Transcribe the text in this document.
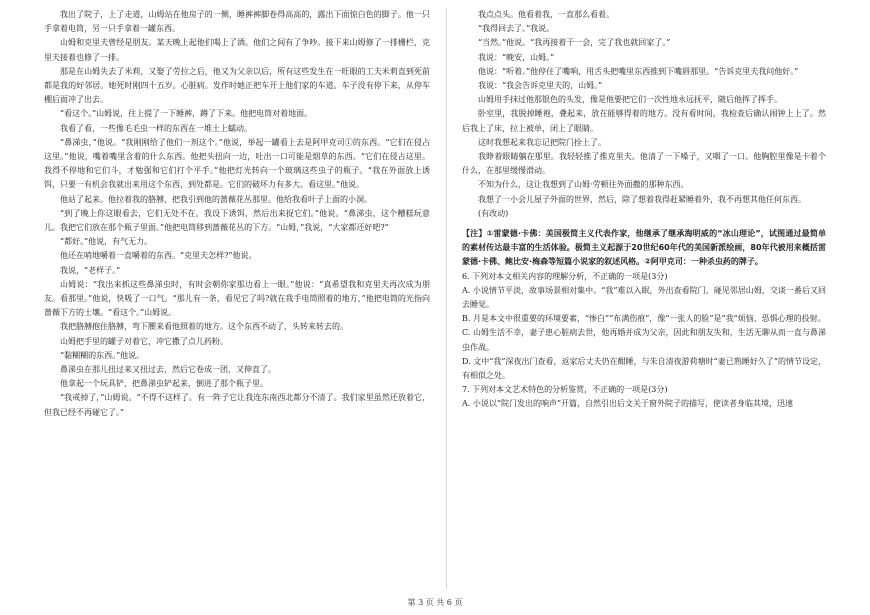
我出了院子，上了走道，山姆站在他房子的一侧，睡裤裤脚卷得高高的，露出下面惊白色的脚子。他一只手拿着电筒，另一只手拿着一罐东西。

山姆和克里夫曾经是朋友。某天晚上起他们喝上了酒。他们之间有了争吵。接下来山姆修了一排栅栏，克里夫接着也修了一排。

那是在山姆失去了米莉，又娶了劳拉之后，他又为父亲以后，所有这些发生在一旺眼的工夫米莉直到死前都是我的好邻居。她死时刚四十五岁。心脏病。发作时她正把车开上他们家的车道。车子没有停下来，从停车棚后面冲了出去。

“看这个。”山姆说，往上提了一下睡裤，蹲了下来。他把电筒对着地面。

我看了看，一些像毛毛虫一样的东西在一堆土上蠕动。

“鼻涕虫，”他说。“我刚刚给了他们一剂这个。”他说，举起一罐看上去是阿甲克司①的东西。“它们在侵占这里。”他说，嘴着嘴里含着的什么东西。他把头扭向一边，吐出一口可能是烟草的东西。“它们在侵占这里。我得不停地和它们斗，才勉强和它们打个平手。”他把灯光转向一个玻璃这些虫子的瓶子。“我在外面放上诱饵，只要一有机会我就出来用这个东西，到处都是。它们的破坏力有多大。看这里。”他说。

他站了起来。他拉着我的胳膊，把我引到他的蔷薇花丛那里。他给我看叶子上面的小洞。

“到了晚上你这眼看去，它们无处不在。我设下诱饵，然后出来捉它们。”他说。“鼻涕虫，这个糟糕玩意儿。我把它们放在那个瓶子里面。”他把电筒移到蔷薇花丛的下方。“山姆，”我说，“大家都还好吧?”

“都好。”他说，有气无力。

他还在哨地嚼着一直嚼着的东西。“克里夫怎样?”他说。

我说，“老样子。”

山姆说：“我出来抓这些鼻涕虫时，有时会朝你家那边看上一眼。”他说：“真希望我和克里夫再次成为朋友。看那里。”他说，快吸了一口气。“那儿有一条，看见它了吗?就在我手电筒照着的地方，”他把电筒的光指向蔷薇下方的土壤。“看这个。”山姆说。

我把胳膊抱住胳膊，弯下腰来看他照着的地方。这个东西不动了，头转来转去的。

山姆把手里的罐子对着它，冲它撒了点儿药粉。

“黏糊糊的东西。”他说。

鼻涕虫在那儿扭过来又扭过去，然后它卷成一团，又伸直了。

他拿起一个玩具铲，把鼻涕虫铲起来，倒进了那个瓶子里。

“我戒掉了，”山姆说。“不得不这样了。有一阵子它让我连东南西北都分不清了。我们家里虽然还放着它，但我已经不再碰它了。”

我点点头。他看着我，一直那么看着。

“我得回去了。”我说。

“当然。”他说。“我再接着干一会，完了我也就回家了。”

我说：“晚安，山姆。”

他说：“听着。”他停住了嘴响，用舌头把嘴里东西推到下嘴唇那里。“告诉克里夫我问他好。”

我说：“我会告诉克里夫的，山姆。”

山姆用手抹过他那银色的头发，像是他要把它们一次性地永远抚平，随后他挥了挥手。

卧室里，我脱掉睡袍，叠起来，放在能够得着的地方。没有看时间，我检查后确认闹钟上上了。然后我上了床，拉上被单，闭上了眼睛。

这时我想起来我忘记把院门拴上了。

我睁着眼睛躺在那里。我轻轻推了推克里夫。他清了一下嗓子，又咽了一口。他胸腔里像是卡着个什么，在那里缓慢滑动。

不知为什么，这让我想到了山姆·劳顿往外面撒的那种东西。

我想了一小会儿屋子外面的世界，然后，除了想着我得赶紧睡着外，我不再想其他任何东西。

(有改动)

【注】①雷蒙德·卡佛：美国极简主义代表作家，他继承了继承海明威的“冰山理论”，试图通过最简单的素材传达最丰富的生活体验。极简主义起源于20世纪60年代的美国新派绘画，80年代被用来概括雷蒙德·卡佛、鲍比安·梅森等短篇小说家的叙述风格。②阿甲克司：一种杀虫药的牌子。

6. 下列对本文相关内容的理解分析，不正确的一项是(3分)

A. 小说情节平淡，故事场景相对集中。“我”难以入眠，外出查看院门，碰见邻居山姆，交谈一番后又回去睡觉。

B. 月是本文中很重要的环境要素，“惨白”“布满伤痕”，像“一张人的脸”是“我”烦恼、恐惧心理的投射。

C. 山姆生活不幸，妻子患心脏病去世，他再婚并成为父亲，因此和朋友失和，生活无聊从而一直与鼻涕虫作战。

D. 文中“我”深夜出门查看，返家后丈夫仍在酣睡，与朱自清夜游荷塘时“妻已熟睡好久了”的情节设定，有相似之处。

7. 下列对本文艺术特色的分析鉴赏，不正确的一项是(3分)

A. 小说以“院门发出的响声”开篇，自然引出后文关于窗外院子的描写，使读者身临其境，迅速

第 3 页 共 6 页
